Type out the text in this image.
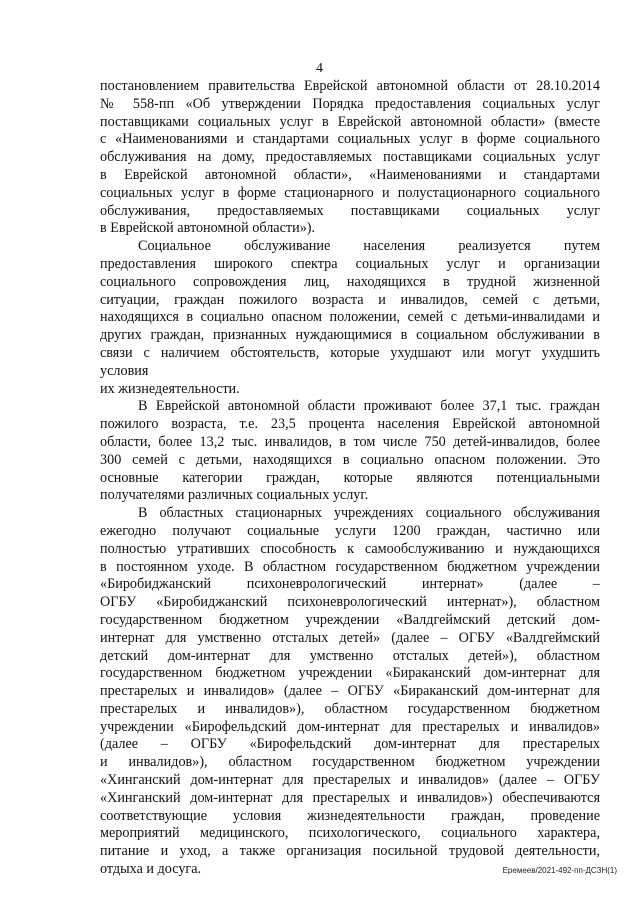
4
постановлением правительства Еврейской автономной области от 28.10.2014
№ 558-пп «Об утверждении Порядка предоставления социальных услуг
поставщиками социальных услуг в Еврейской автономной области» (вместе
с «Наименованиями и стандартами социальных услуг в форме социального
обслуживания на дому, предоставляемых поставщиками социальных услуг
в Еврейской автономной области», «Наименованиями и стандартами
социальных услуг в форме стационарного и полустационарного социального
обслуживания, предоставляемых поставщиками социальных услуг
в Еврейской автономной области»).
Социальное обслуживание населения реализуется путем
предоставления широкого спектра социальных услуг и организации
социального сопровождения лиц, находящихся в трудной жизненной
ситуации, граждан пожилого возраста и инвалидов, семей с детьми,
находящихся в социально опасном положении, семей с детьми-инвалидами и
других граждан, признанных нуждающимися в социальном обслуживании в
связи с наличием обстоятельств, которые ухудшают или могут ухудшить
условия
их жизнедеятельности.
В Еврейской автономной области проживают более 37,1 тыс. граждан
пожилого возраста, т.е. 23,5 процента населения Еврейской автономной
области, более 13,2 тыс. инвалидов, в том числе 750 детей-инвалидов, более
300 семей с детьми, находящихся в социально опасном положении. Это
основные категории граждан, которые являются потенциальными
получателями различных социальных услуг.
В областных стационарных учреждениях социального обслуживания
ежегодно получают социальные услуги 1200 граждан, частично или
полностью утративших способность к самообслуживанию и нуждающихся
в постоянном уходе. В областном государственном бюджетном учреждении
«Биробиджанский психоневрологический интернат» (далее –
ОГБУ «Биробиджанский психоневрологический интернат»), областном
государственном бюджетном учреждении «Валдгеймский детский дом-
интернат для умственно отсталых детей» (далее – ОГБУ «Валдгеймский
детский дом-интернат для умственно отсталых детей»), областном
государственном бюджетном учреждении «Бираканский дом-интернат для
престарелых и инвалидов» (далее – ОГБУ «Бираканский дом-интернат для
престарелых и инвалидов»), областном государственном бюджетном
учреждении «Бирофельдский дом-интернат для престарелых и инвалидов»
(далее – ОГБУ «Бирофельдский дом-интернат для престарелых
и инвалидов»), областном государственном бюджетном учреждении
«Хинганский дом-интернат для престарелых и инвалидов» (далее – ОГБУ
«Хинганский дом-интернат для престарелых и инвалидов») обеспечиваются
соответствующие условия жизнедеятельности граждан, проведение
мероприятий медицинского, психологического, социального характера,
питание и уход, а также организация посильной трудовой деятельности,
отдыха и досуга.	Еремеев/2021-492-пп-ДСЗН(1)
